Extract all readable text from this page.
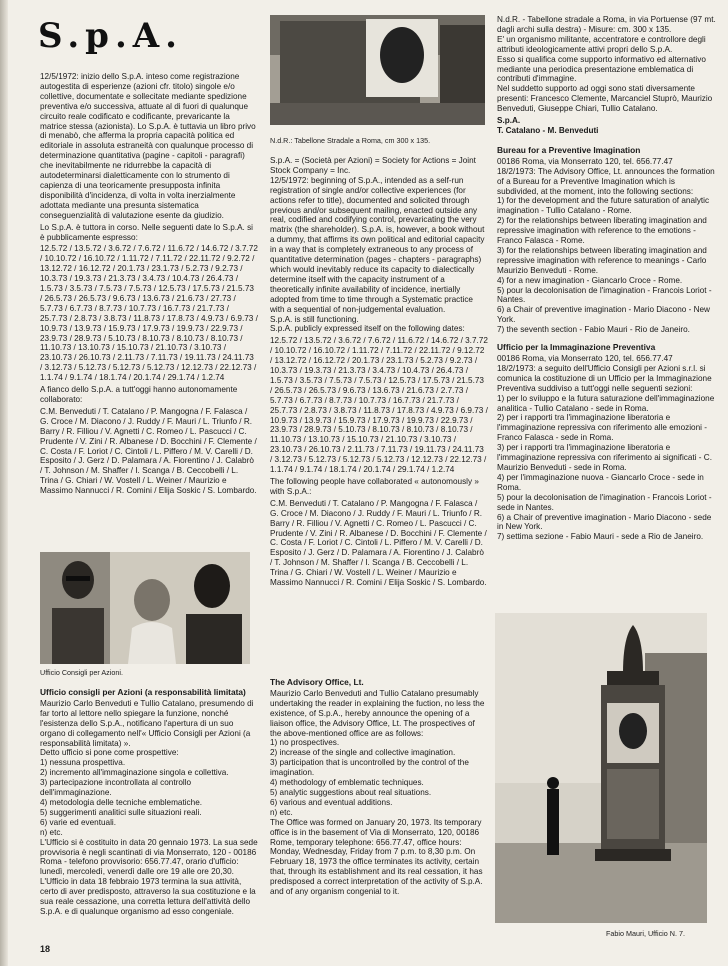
S.p.A.

12/5/1972: inizio dello S.p.A. inteso come registrazione autogestita di esperienze (azioni cfr. titolo) singole e/o collettive, documentate e sollecitate mediante spedizione preventiva e/o successiva, attuate al di fuori di qualunque circuito reale codificato e codificante, prevaricante la matrice stessa (azionista). Lo S.p.A. è tuttavia un libro privo di menabò, che afferma la propria capacità politica ed editoriale in assoluta estraneità con qualunque processo di determinazione quantitativa (pagine - capitoli - paragrafi) che inevitabilmente ne ridurrebbe la capacità di autodeterminarsi dialetticamente con lo strumento di capienza di una teoricamente presupposta infinita disponibilità d'incidenza, di volta in volta inerzialmente adottata mediante una presunta sistematica conseguenzialità di valutazione esente da giudizio.

Lo S.p.A. è tuttora in corso. Nelle seguenti date lo S.p.A. si è pubblicamente espresso:

12.5.72 / 13.5.72 / 3.6.72 / 7.6.72 / 11.6.72 / 14.6.72 / 3.7.72 / 10.10.72 / 16.10.72 / 1.11.72 / 7.11.72 / 22.11.72 / 9.2.72 / 13.12.72 / 16.12.72 / 20.1.73 / 23.1.73 / 5.2.73 / 9.2.73 / 10.3.73 / 19.3.73 / 21.3.73 / 3.4.73 / 10.4.73 / 26.4.73 / 1.5.73 / 3.5.73 / 7.5.73 / 7.5.73 / 12.5.73 / 17.5.73 / 21.5.73 / 26.5.73 / 26.5.73 / 9.6.73 / 13.6.73 / 21.6.73 / 27.73 / 5.7.73 / 6.7.73 / 8.7.73 / 10.7.73 / 16.7.73 / 21.7.73 / 25.7.73 / 2.8.73 / 3.8.73 / 11.8.73 / 17.8.73 / 4.9.73 / 6.9.73 / 10.9.73 / 13.9.73 / 15.9.73 / 17.9.73 / 19.9.73 / 22.9.73 / 23.9.73 / 28.9.73 / 5.10.73 / 8.10.73 / 8.10.73 / 8.10.73 / 11.10.73 / 13.10.73 / 15.10.73 / 21.10.73 / 3.10.73 / 23.10.73 / 26.10.73 / 2.11.73 / 7.11.73 / 19.11.73 / 24.11.73 / 3.12.73 / 5.12.73 / 5.12.73 / 5.12.73 / 12.12.73 / 22.12.73 / 1.1.74 / 9.1.74 / 18.1.74 / 20.1.74 / 29.1.74 / 1.2.74

A fianco dello S.p.A. a tutt'oggi hanno autonomamente collaborato:

C.M. Benveduti / T. Catalano / P. Mangogna / F. Falasca / G. Croce / M. Diacono / J. Ruddy / F. Mauri / L. Triunfo / R. Barry / R. Filliou / V. Agnetti / C. Romeo / L. Pascucci / C. Prudente / V. Zini / R. Albanese / D. Bocchini / F. Clemente / C. Costa / F. Loriot / C. Cintoli / L. Piffero / M. V. Carelli / D. Esposito / J. Gerz / D. Palamara / A. Fiorentino / J. Calabrò / T. Johnson / M. Shaffer / I. Scanga / B. Ceccobelli / L. Trina / G. Chiari / W. Vostell / L. Weiner / Maurizio e Massimo Nannucci / R. Comini / Elija Soskic / S. Lombardo.

Ufficio Consigli per Azioni.
Ufficio consigli per Azioni (a responsabilità limitata)

Maurizio Carlo Benveduti e Tullio Catalano, presumendo di far torto al lettore nello spiegare la funzione, nonché l'esistenza dello S.p.A., notificano l'apertura di un suo organo di collegamento nell'« Ufficio Consigli per Azioni (a responsabilità limitata) ».
Detto ufficio si pone come prospettive:
1) nessuna prospettiva.
2) incremento all'immaginazione singola e collettiva.
3) partecipazione incontrollata al controllo dell'immaginazione.
4) metodologia delle tecniche emblematiche.
5) suggerimenti analitici sulle situazioni reali.
6) varie ed eventuali.
n) etc.
L'Ufficio si è costituito in data 20 gennaio 1973. La sua sede provvisoria è negli scantinati di via Monserrato, 120 - 00186 Roma - telefono provvisorio: 656.77.47, orario d'ufficio: lunedì, mercoledì, venerdì dalle ore 19 alle ore 20,30. L'Ufficio in data 18 febbraio 1973 termina la sua attività, certo di aver predisposto, attraverso la sua costituzione e la sua reale cessazione, una corretta lettura dell'attività dello S.p.A. e di qualunque organismo ad esso congeniale.

18
N.d.R.: Tabellone Stradale a Roma, cm 300 x 135.

S.p.A. = (Società per Azioni) = Society for Actions = Joint Stock Company = Inc.
12/5/1972: beginning of S.p.A., intended as a self-run registration of single and/or collective experiences (for actions refer to title), documented and solicited through previous and/or subsequent mailing, enacted outside any real, codified and codifying control, prevaricating the very matrix (the shareholder). S.p.A. is, however, a book without a dummy, that affirms its own political and editorial capacity in a way that is completely extraneous to any process of quantitative determination (pages - chapters - paragraphs) which would inevitably reduce its capacity to dialectically determine itself with the capacity instrument of a theoretically infinite availability of incidence, inertially adopted from time to time through a Systematic practice with a sequential of non-judgemental evaluation.
S.p.A. is still functioning.
S.p.A. publicly expressed itself on the following dates:

12.5.72 / 13.5.72 / 3.6.72 / 7.6.72 / 11.6.72 / 14.6.72 / 3.7.72 / 10.10.72 / 16.10.72 / 1.11.72 / 7.11.72 / 22.11.72 / 9.12.72 / 13.12.72 / 16.12.72 / 20.1.73 / 23.1.73 / 5.2.73 / 9.2.73 / 10.3.73 / 19.3.73 / 21.3.73 / 3.4.73 / 10.4.73 / 26.4.73 / 1.5.73 / 3.5.73 / 7.5.73 / 7.5.73 / 12.5.73 / 17.5.73 / 21.5.73 / 26.5.73 / 26.5.73 / 9.6.73 / 13.6.73 / 21.6.73 / 2.7.73 / 5.7.73 / 6.7.73 / 8.7.73 / 10.7.73 / 16.7.73 / 21.7.73 / 25.7.73 / 2.8.73 / 3.8.73 / 11.8.73 / 17.8.73 / 4.9.73 / 6.9.73 / 10.9.73 / 13.9.73 / 15.9.73 / 17.9.73 / 19.9.73 / 22.9.73 / 23.9.73 / 28.9.73 / 5.10.73 / 8.10.73 / 8.10.73 / 8.10.73 / 11.10.73 / 13.10.73 / 15.10.73 / 21.10.73 / 3.10.73 / 23.10.73 / 26.10.73 / 2.11.73 / 7.11.73 / 19.11.73 / 24.11.73 / 3.12.73 / 5.12.73 / 5.12.73 / 5.12.73 / 12.12.73 / 22.12.73 / 1.1.74 / 9.1.74 / 18.1.74 / 20.1.74 / 29.1.74 / 1.2.74

The following people have collaborated « autonomously » with S.p.A.:

C.M. Benveduti / T. Catalano / P. Mangogna / F. Falasca / G. Croce / M. Diacono / J. Ruddy / F. Mauri / L. Triunfo / R. Barry / R. Filliou / V. Agnetti / C. Romeo / L. Pascucci / C. Prudente / V. Zini / R. Albanese / D. Bocchini / F. Clemente / C. Costa / F. Loriot / C. Cintoli / L. Piffero / M. V. Carelli / D. Esposito / J. Gerz / D. Palamara / A. Fiorentino / J. Calabrò / T. Johnson / M. Shaffer / I. Scanga / B. Ceccobelli / L. Trina / G. Chiari / W. Vostell / L. Weiner / Maurizio e Massimo Nannucci / R. Comini / Elija Soskic / S. Lombardo.

The Advisory Office, Lt.

Maurizio Carlo Benveduti and Tullio Catalano presumably undertaking the reader in explaining the fuction, no less the existence, of S.p.A., hereby announce the opening of a liaison office, the Advisory Office, Lt. The prospectives of the above-mentioned office are as follows:
1) no prospectives.
2) increase of the single and collective imagination.
3) participation that is uncontrolled by the control of the imagination.
4) methodology of emblematic techniques.
5) analytic suggestions about real situations.
6) various and eventual additions.
n) etc.
The Office was formed on January 20, 1973. Its temporary office is in the basement of Via di Monserrato, 120, 00186 Rome, temporary telephone: 656.77.47, office hours: Monday, Wednesday, Friday from 7 p.m. to 8,30 p.m. On February 18, 1973 the office terminates its activity, certain that, through its establishment and its real cessation, it has predisposed a correct interpretation of the activity of S.p.A. and of any organism congenial to it.

N.d.R. - Tabellone stradale a Roma, in via Portuense (97 mt. dagli archi sulla destra) - Misure: cm. 300 x 135.
E' un organismo militante, accentratore e controllore degli attributi ideologicamente attivi propri dello S.p.A.
Esso si qualifica come supporto informativo ed alternativo mediante una periodica presentazione emblematica di contributi d'immagine.
Nel suddetto supporto ad oggi sono stati diversamente presenti: Francesco Clemente, Marcanciel Stuprò, Maurizio Benveduti, Giuseppe Chiari, Tullio Catalano.

S.p.A.
T. Catalano - M. Benveduti
Bureau for a Preventive Imagination

00186 Roma, via Monserrato 120, tel. 656.77.47
18/2/1973: The Advisory Office, Lt. announces the formation of a Bureau for a Preventive Imagination which is subdivided, at the moment, into the following sections:
1) for the development and the future saturation of analytic imagination - Tullio Catalano - Rome.
2) for the relationships between liberating imagination and repressive imagination with reference to the emotions - Franco Falasca - Rome.
3) for the relationships between liberating imagination and repressive imagination with reference to meanings - Carlo Maurizio Benveduti - Rome.
4) for a new imagination - Giancarlo Croce - Rome.
5) pour la decolonisation de l'imagination - Francois Loriot - Nantes.
6) a Chair of preventive imagination - Mario Diacono - New York.
7) the seventh section - Fabio Mauri - Rio de Janeiro.

Ufficio per la Immaginazione Preventiva

00186 Roma, via Monserrato 120, tel. 656.77.47
18/2/1973: a seguito dell'Ufficio Consigli per Azioni s.r.l. si comunica la costituzione di un Ufficio per la Immaginazione Preventiva suddiviso a tutt'oggi nelle seguenti sezioni:
1) per lo sviluppo e la futura saturazione dell'immaginazione analitica - Tullio Catalano - sede in Roma.
2) per i rapporti tra l'immaginazione liberatoria e l'immaginazione repressiva con riferimento alle emozioni - Franco Falasca - sede in Roma.
3) per i rapporti tra l'immaginazione liberatoria e l'immaginazione repressiva con riferimento ai significati - C. Maurizio Benveduti - sede in Roma.
4) per l'immaginazione nuova - Giancarlo Croce - sede in Roma.
5) pour la decolonisation de l'imagination - Francois Loriot - sede in Nantes.
6) a Chair of preventive imagination - Mario Diacono - sede in New York.
7) settima sezione - Fabio Mauri - sede a Rio de Janeiro.

Fabio Mauri, Ufficio N. 7.
